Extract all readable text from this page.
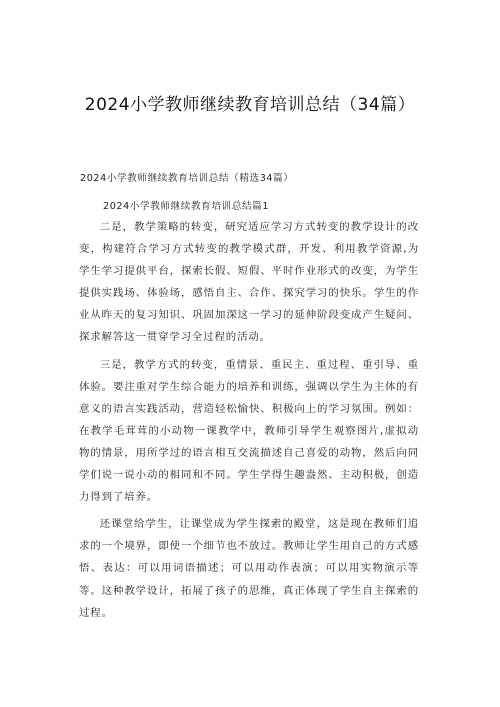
2024小学教师继续教育培训总结（34篇）

2024小学教师继续教育培训总结（精选34篇）

2024小学教师继续教育培训总结篇1

二是，教学策略的转变，研究适应学习方式转变的教学设计的改变，构建符合学习方式转变的教学模式群，开发、利用教学资源,为学生学习提供平台，探索长假、短假、平时作业形式的改变，为学生提供实践场、体验场，感悟自主、合作、探究学习的快乐。学生的作业从昨天的复习知识、巩固加深这一学习的延伸阶段变成产生疑问、探求解答这一贯穿学习全过程的活动。

三是，教学方式的转变，重情景、重民主、重过程、重引导、重体验。要注重对学生综合能力的培养和训练，强调以学生为主体的有意义的语言实践活动，营造轻松愉快、积极向上的学习氛围。例如：在教学毛茸茸的小动物一课教学中，教师引导学生观察图片,虚拟动物的情景，用所学过的语言相互交流描述自己喜爱的动物，然后向同学们说一说小动的相同和不同。学生学得生趣盎然、主动积极，创造力得到了培养。

还课堂给学生，让课堂成为学生探索的殿堂，这是现在教师们追求的一个境界，即使一个细节也不放过。教师让学生用自己的方式感悟、表达：可以用词语描述；可以用动作表演；可以用实物演示等等。这种教学设计，拓展了孩子的思维，真正体现了学生自主探索的过程。
